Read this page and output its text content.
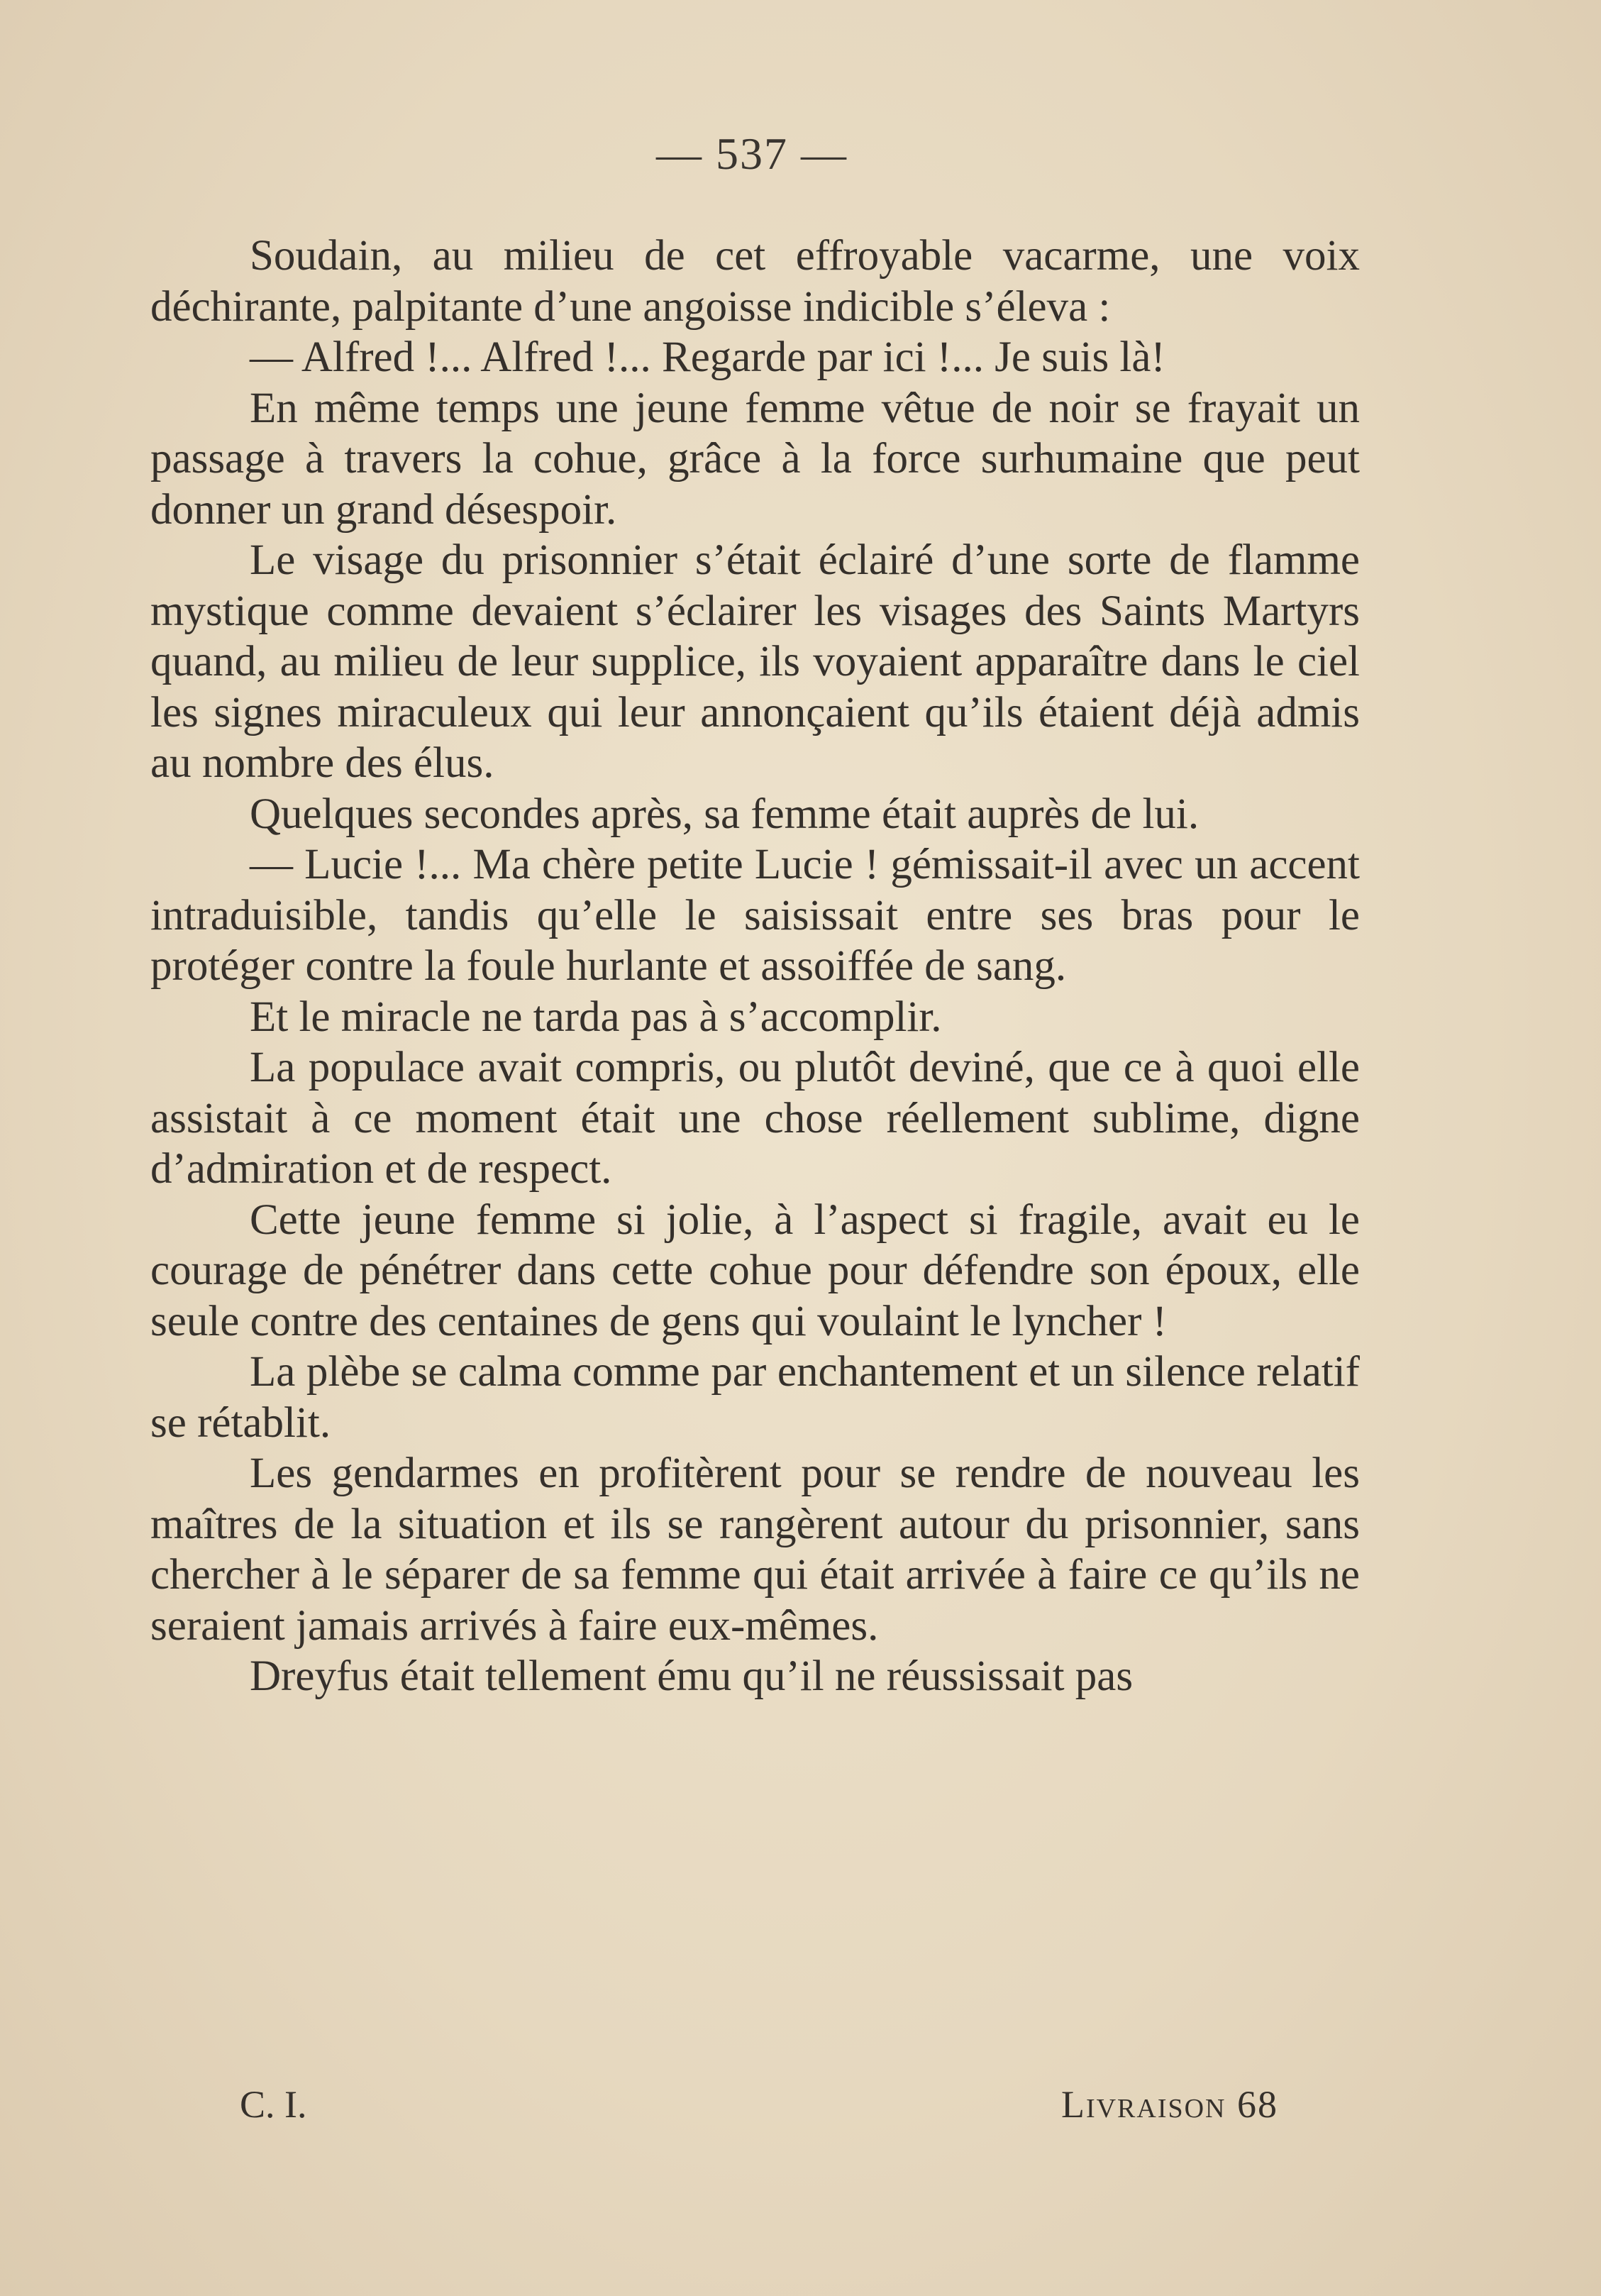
— 537 —

Soudain, au milieu de cet effroyable vacarme, une voix déchirante, palpitante d’une angoisse indicible s’éleva :

— Alfred !... Alfred !... Regarde par ici !... Je suis là!

En même temps une jeune femme vêtue de noir se frayait un passage à travers la cohue, grâce à la force surhumaine que peut donner un grand désespoir.

Le visage du prisonnier s’était éclairé d’une sorte de flamme mystique comme devaient s’éclairer les visages des Saints Martyrs quand, au milieu de leur supplice, ils voyaient apparaître dans le ciel les signes miraculeux qui leur annonçaient qu’ils étaient déjà admis au nombre des élus.

Quelques secondes après, sa femme était auprès de lui.

— Lucie !... Ma chère petite Lucie ! gémissait-il avec un accent intraduisible, tandis qu’elle le saisissait entre ses bras pour le protéger contre la foule hurlante et assoiffée de sang.

Et le miracle ne tarda pas à s’accomplir.

La populace avait compris, ou plutôt deviné, que ce à quoi elle assistait à ce moment était une chose réellement sublime, digne d’admiration et de respect.

Cette jeune femme si jolie, à l’aspect si fragile, avait eu le courage de pénétrer dans cette cohue pour défendre son époux, elle seule contre des centaines de gens qui voulaint le lyncher !

La plèbe se calma comme par enchantement et un silence relatif se rétablit.

Les gendarmes en profitèrent pour se rendre de nouveau les maîtres de la situation et ils se rangèrent autour du prisonnier, sans chercher à le séparer de sa femme qui était arrivée à faire ce qu’ils ne seraient jamais arrivés à faire eux-mêmes.

Dreyfus était tellement ému qu’il ne réussissait pas

C. I.	Livraison 68
